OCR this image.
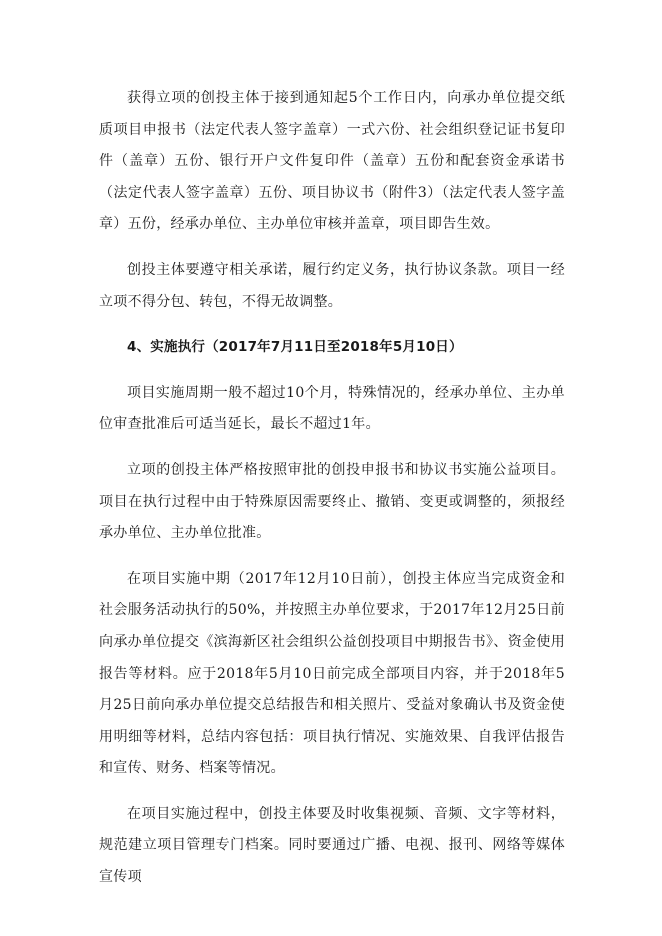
获得立项的创投主体于接到通知起5个工作日内，向承办单位提交纸质项目申报书（法定代表人签字盖章）一式六份、社会组织登记证书复印件（盖章）五份、银行开户文件复印件（盖章）五份和配套资金承诺书（法定代表人签字盖章）五份、项目协议书（附件3）（法定代表人签字盖章）五份，经承办单位、主办单位审核并盖章，项目即告生效。

创投主体要遵守相关承诺，履行约定义务，执行协议条款。项目一经立项不得分包、转包，不得无故调整。

4、实施执行（2017年7月11日至2018年5月10日）

项目实施周期一般不超过10个月，特殊情况的，经承办单位、主办单位审查批准后可适当延长，最长不超过1年。

立项的创投主体严格按照审批的创投申报书和协议书实施公益项目。项目在执行过程中由于特殊原因需要终止、撤销、变更或调整的，须报经承办单位、主办单位批准。

在项目实施中期（2017年12月10日前），创投主体应当完成资金和社会服务活动执行的50%，并按照主办单位要求，于2017年12月25日前向承办单位提交《滨海新区社会组织公益创投项目中期报告书》、资金使用报告等材料。应于2018年5月10日前完成全部项目内容，并于2018年5月25日前向承办单位提交总结报告和相关照片、受益对象确认书及资金使用明细等材料，总结内容包括：项目执行情况、实施效果、自我评估报告和宣传、财务、档案等情况。

在项目实施过程中，创投主体要及时收集视频、音频、文字等材料，规范建立项目管理专门档案。同时要通过广播、电视、报刊、网络等媒体宣传项
